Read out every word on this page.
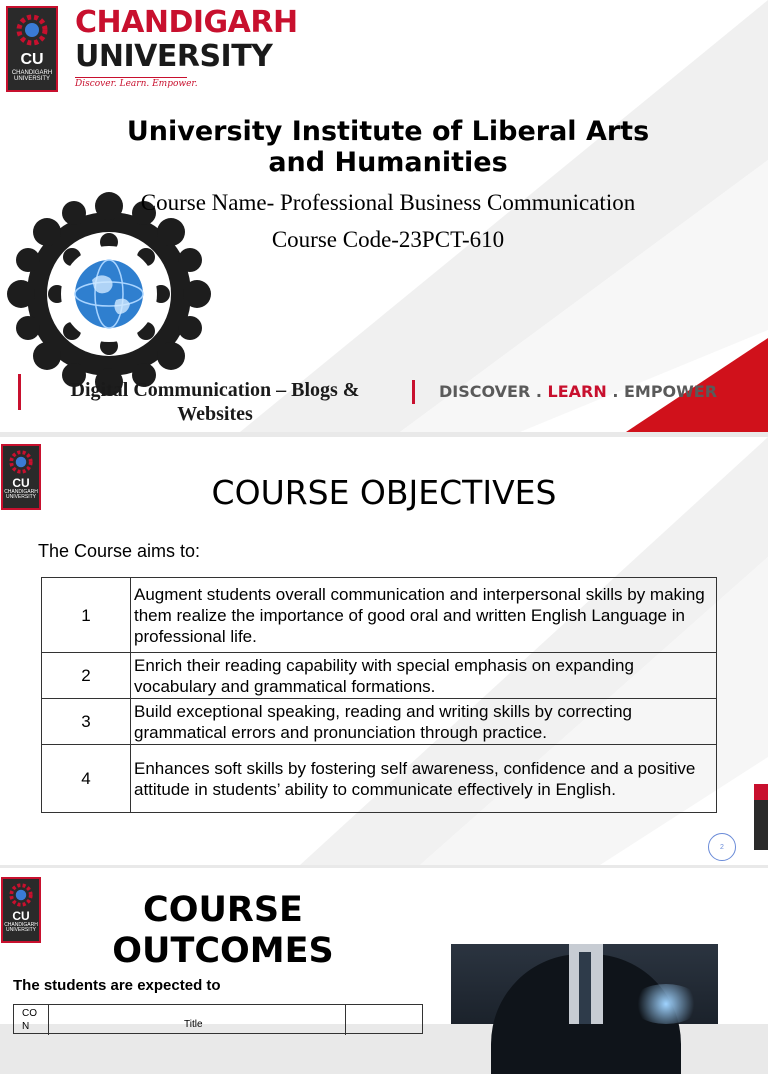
CU
CHANDIGARH UNIVERSITY
CHANDIGARH
UNIVERSITY
Discover. Learn. Empower.
University Institute of Liberal Arts and Humanities
Course Name- Professional Business Communication
Course Code-23PCT-610
Digital Communication – Blogs & Websites
DISCOVER . LEARN . EMPOWER
CU
CHANDIGARH UNIVERSITY	COURSE OBJECTIVES
The Course aims to:
1	Augment students overall communication and interpersonal skills by making them realize the importance of good oral and written English Language in professional life.
2	Enrich their reading capability with special emphasis on expanding vocabulary and grammatical formations.
3	Build exceptional speaking, reading and writing skills by correcting grammatical errors and pronunciation through practice.
4	Enhances soft skills by fostering self awareness, confidence and a positive attitude in students’ ability to communicate effectively in English.
2
CU
CHANDIGARH UNIVERSITY
COURSE
OUTCOMES
The students are expected to
CO N	Title
